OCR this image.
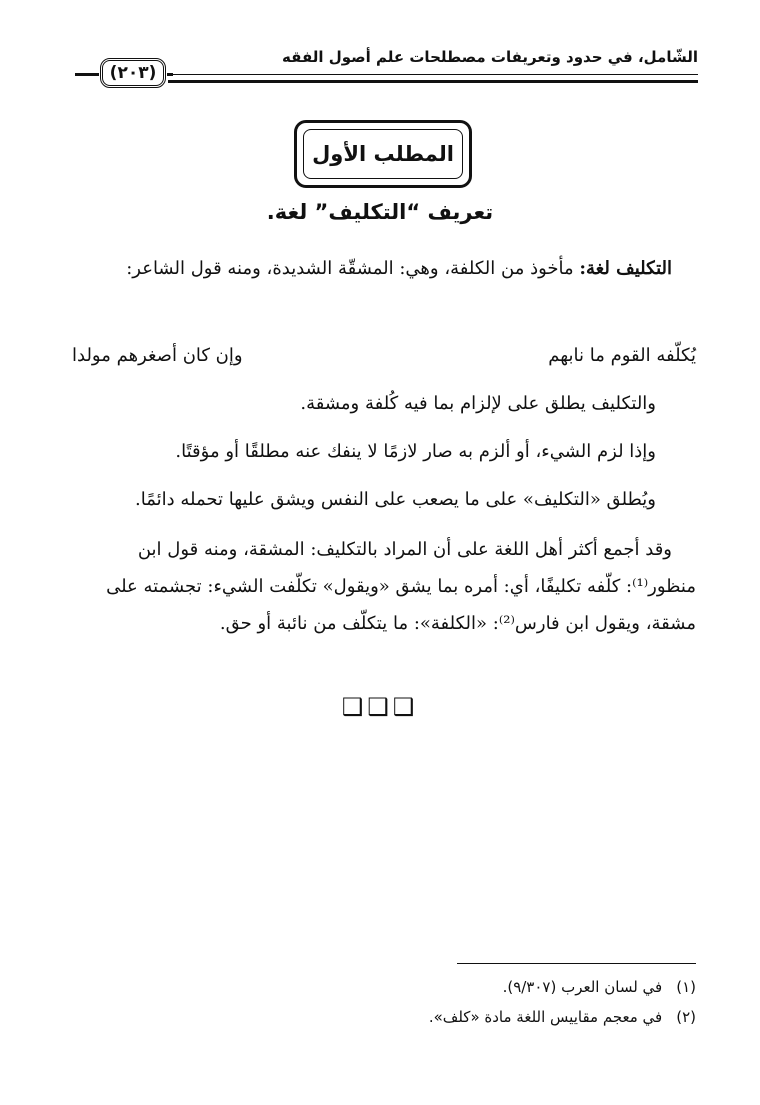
الشّامل، في حدود وتعريفات مصطلحات علم أصول الفقه
(٢٠٣)
المطلب الأول
تعريف “التكليف” لغة.
التكليف لغة: مأخوذ من الكلفة، وهي: المشقّة الشديدة، ومنه قول الشاعر:
يُكلّفه القوم ما نابهم
وإن كان أصغرهم مولدا
والتكليف يطلق على لإلزام بما فيه كُلفة ومشقة.
وإذا لزم الشيء، أو ألزم به صار لازمًا لا ينفك عنه مطلقًا أو مؤقتًا.
ويُطلق «التكليف» على ما يصعب على النفس ويشق عليها تحمله دائمًا.
وقد أجمع أكثر أهل اللغة على أن المراد بالتكليف: المشقة، ومنه قول ابن منظور⁽¹⁾: كلّفه تكليفًا، أي: أمره بما يشق «ويقول» تكلّفت الشيء: تجشمته على مشقة، ويقول ابن فارس⁽²⁾: «الكلفة»: ما يتكلّف من نائبة أو حق.
❑❑❑
(١)في لسان العرب (٩/٣٠٧).
(٢)في معجم مقاييس اللغة مادة «كلف».
